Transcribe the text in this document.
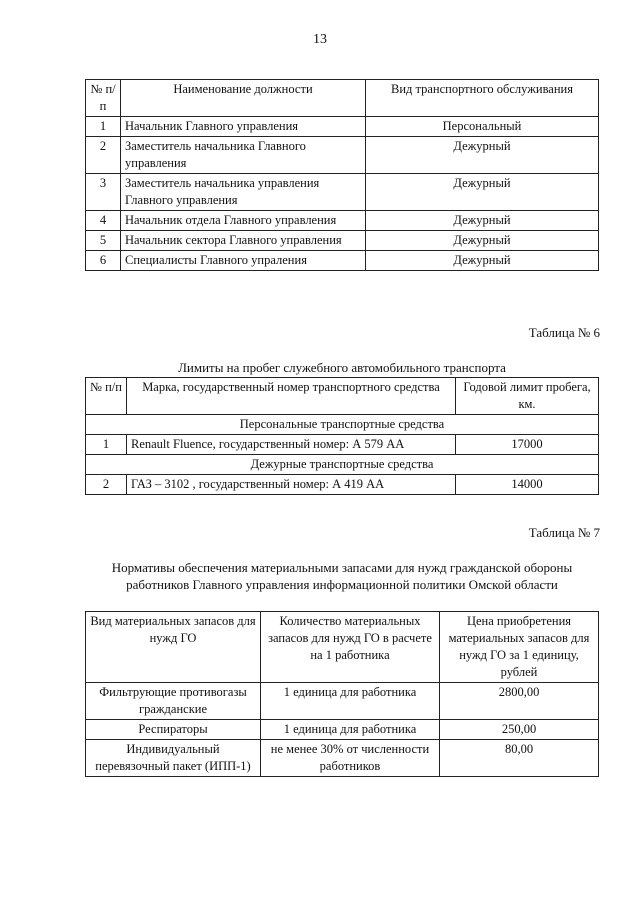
13
№ п/п	Наименование должности	Вид транспортного обслуживания
1	Начальник Главного управления	Персональный
2	Заместитель начальника Главного управления	Дежурный
3	Заместитель начальника управления Главного управления	Дежурный
4	Начальник отдела Главного управления	Дежурный
5	Начальник сектора Главного управления	Дежурный
6	Специалисты Главного упраления	Дежурный
Таблица № 6
Лимиты на пробег служебного автомобильного транспорта
№ п/п	Марка, государственный номер транспортного средства	Годовой лимит пробега, км.
Персональные транспортные средства		
1	Renault Fluence, государственный номер: А 579 АА	17000
Дежурные транспортные средства		
2	ГАЗ – 3102 , государственный номер: А 419 АА	14000
Таблица № 7
Нормативы обеспечения материальными запасами для нужд гражданской обороны работников Главного управления информационной политики Омской области
Вид материальных запасов для нужд ГО	Количество материальных запасов для нужд ГО в расчете на 1 работника	Цена приобретения материальных запасов для нужд ГО за 1 единицу, рублей
Фильтрующие противогазы гражданские	1 единица для работника	2800,00
Респираторы	1 единица для работника	250,00
Индивидуальный перевязочный пакет (ИПП-1)	не менее 30% от численности работников	80,00
